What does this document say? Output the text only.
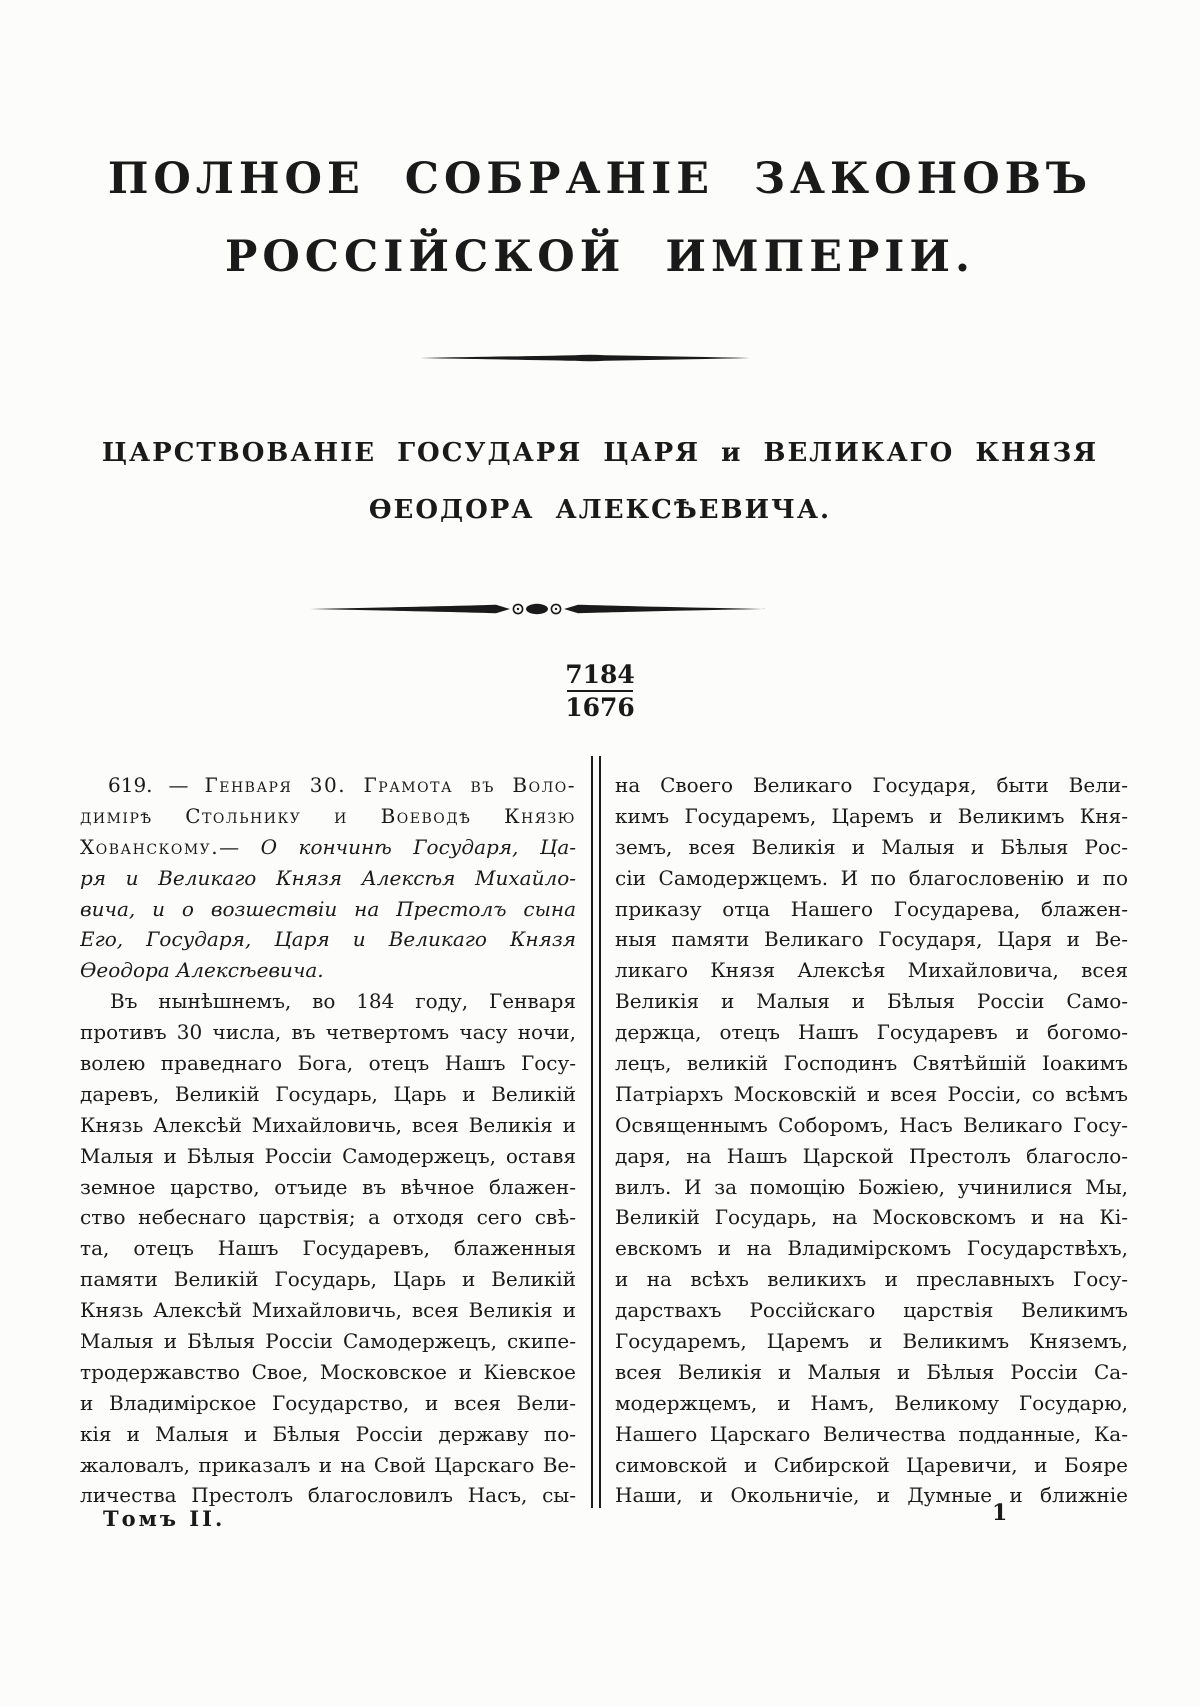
ПОЛНОЕ СОБРАНІЕ ЗАКОНОВЪ
РОССІЙСКОЙ ИМПЕРІИ.
ЦАРСТВОВАНІЕ ГОСУДАРЯ ЦАРЯ и ВЕЛИКАГО КНЯЗЯ
ѲЕОДОРА АЛЕКСѢЕВИЧА.
$\frac{7184}{1676}$
619. — Генваря 30. Грамота въ Воло-
димірѣ Стольнику и Воеводѣ Князю
Хованскому.— О кончинѣ Государя, Ца-
ря и Великаго Князя Алексѣя Михайло-
вича, и о возшествіи на Престолъ сына
Его, Государя, Царя и Великаго Князя
Ѳеодора Алексѣевича.
Въ нынѣшнемъ, во 184 году, Генваря
противъ 30 числа, въ четвертомъ часу ночи,
волею праведнаго Бога, отецъ Нашъ Госу-
даревъ, Великій Государь, Царь и Великій
Князь Алексѣй Михайловичь, всея Великія и
Малыя и Бѣлыя Россіи Самодержецъ, оставя
земное царство, отъиде въ вѣчное блажен-
ство небеснаго царствія; а отходя сего свѣ-
та, отецъ Нашъ Государевъ, блаженныя
памяти Великій Государь, Царь и Великій
Князь Алексѣй Михайловичь, всея Великія и
Малыя и Бѣлыя Россіи Самодержецъ, скипе-
тродержавство Свое, Московское и Кіевское
и Владимірское Государство, и всея Вели-
кія и Малыя и Бѣлыя Россіи державу по-
жаловалъ, приказалъ и на Свой Царскаго Ве-
личества Престолъ благословилъ Насъ, сы-
на Своего Великаго Государя, быти Вели-
кимъ Государемъ, Царемъ и Великимъ Кня-
земъ, всея Великія и Малыя и Бѣлыя Рос-
сіи Самодержцемъ. И по благословенію и по
приказу отца Нашего Государева, блажен-
ныя памяти Великаго Государя, Царя и Ве-
ликаго Князя Алексѣя Михайловича, всея
Великія и Малыя и Бѣлыя Россіи Само-
держца, отецъ Нашъ Государевъ и богомо-
лецъ, великій Господинъ Святѣйшій Іоакимъ
Патріархъ Московскій и всея Россіи, со всѣмъ
Освященнымъ Соборомъ, Насъ Великаго Госу-
даря, на Нашъ Царской Престолъ благосло-
вилъ. И за помощію Божіею, учинилися Мы,
Великій Государь, на Московскомъ и на Кі-
евскомъ и на Владимірскомъ Государствѣхъ,
и на всѣхъ великихъ и преславныхъ Госу-
дарствахъ Россійскаго царствія Великимъ
Государемъ, Царемъ и Великимъ Княземъ,
всея Великія и Малыя и Бѣлыя Россіи Са-
модержцемъ, и Намъ, Великому Государю,
Нашего Царскаго Величества подданные, Ка-
симовской и Сибирской Царевичи, и Бояре
Наши, и Окольничіе, и Думные и ближніе
Томъ II.	1
